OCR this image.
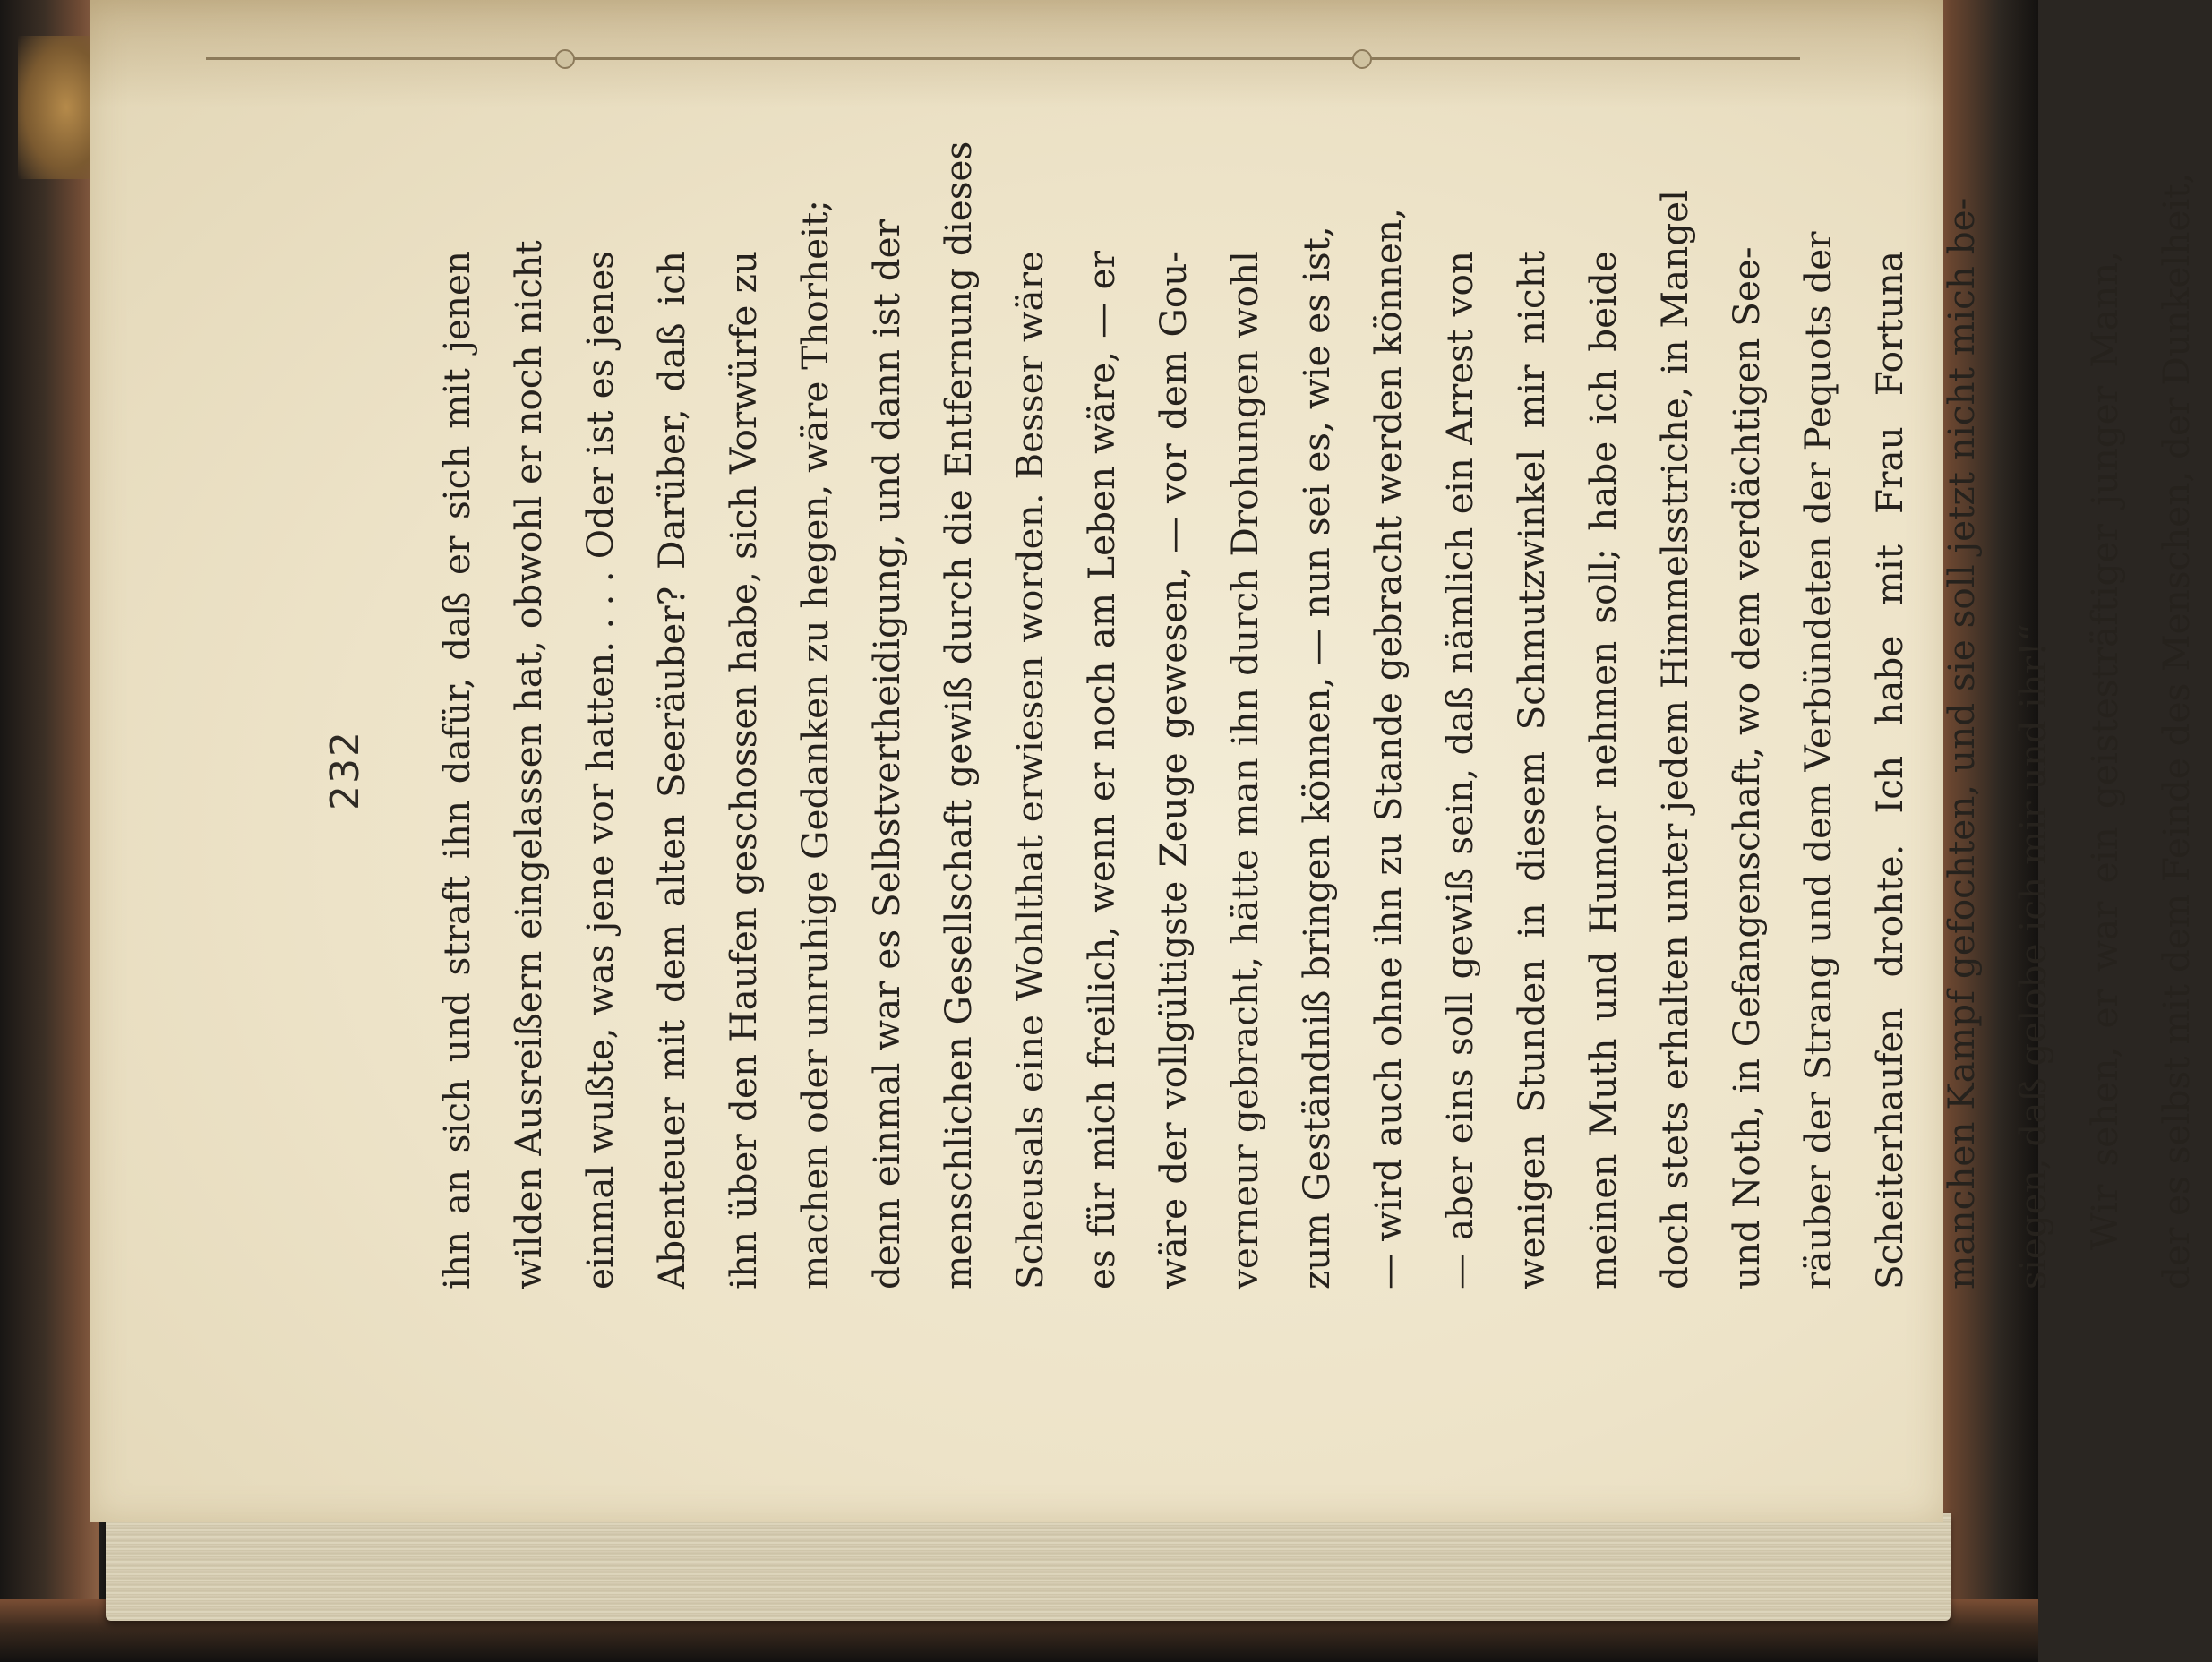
232	ihn an sich und straft ihn dafür, daß er sich mit jenen wilden Ausreißern eingelassen hat, obwohl er noch nicht einmal wußte, was jene vor hatten. . . . Oder ist es jenes Abenteuer mit dem alten Seeräuber? Darüber, daß ich ihn über den Haufen geschossen habe, sich Vorwürfe zu machen oder unruhige Gedanken zu hegen, wäre Thorheit; denn einmal war es Selbstvertheidigung, und dann ist der menschlichen Gesellschaft gewiß durch die Entfernung dieses Scheusals eine Wohlthat erwiesen worden. Besser wäre es für mich freilich, wenn er noch am Leben wäre, — er wäre der vollgültigste Zeuge gewesen, — vor dem Gou- verneur gebracht, hätte man ihn durch Drohungen wohl zum Geständniß bringen können, — nun sei es, wie es ist, — wird auch ohne ihn zu Stande gebracht werden können, — aber eins soll gewiß sein, daß nämlich ein Arrest von wenigen Stunden in diesem Schmutzwinkel mir nicht meinen Muth und Humor nehmen soll; habe ich beide doch stets erhalten unter jedem Himmelsstriche, in Mangel und Noth, in Gefangenschaft, wo dem verdächtigen See- räuber der Strang und dem Verbündeten der Pequots der Scheiterhaufen drohte. Ich habe mit Frau Fortuna manchen Kampf gefochten, und sie soll jetzt nicht mich be- siegen, daß gelobe ich mir und ihr!“ Wir sehen, er war ein geistesträftiger junger Mann, der es selbst mit dem Feinde des Menschen, der Dunkelheit,
